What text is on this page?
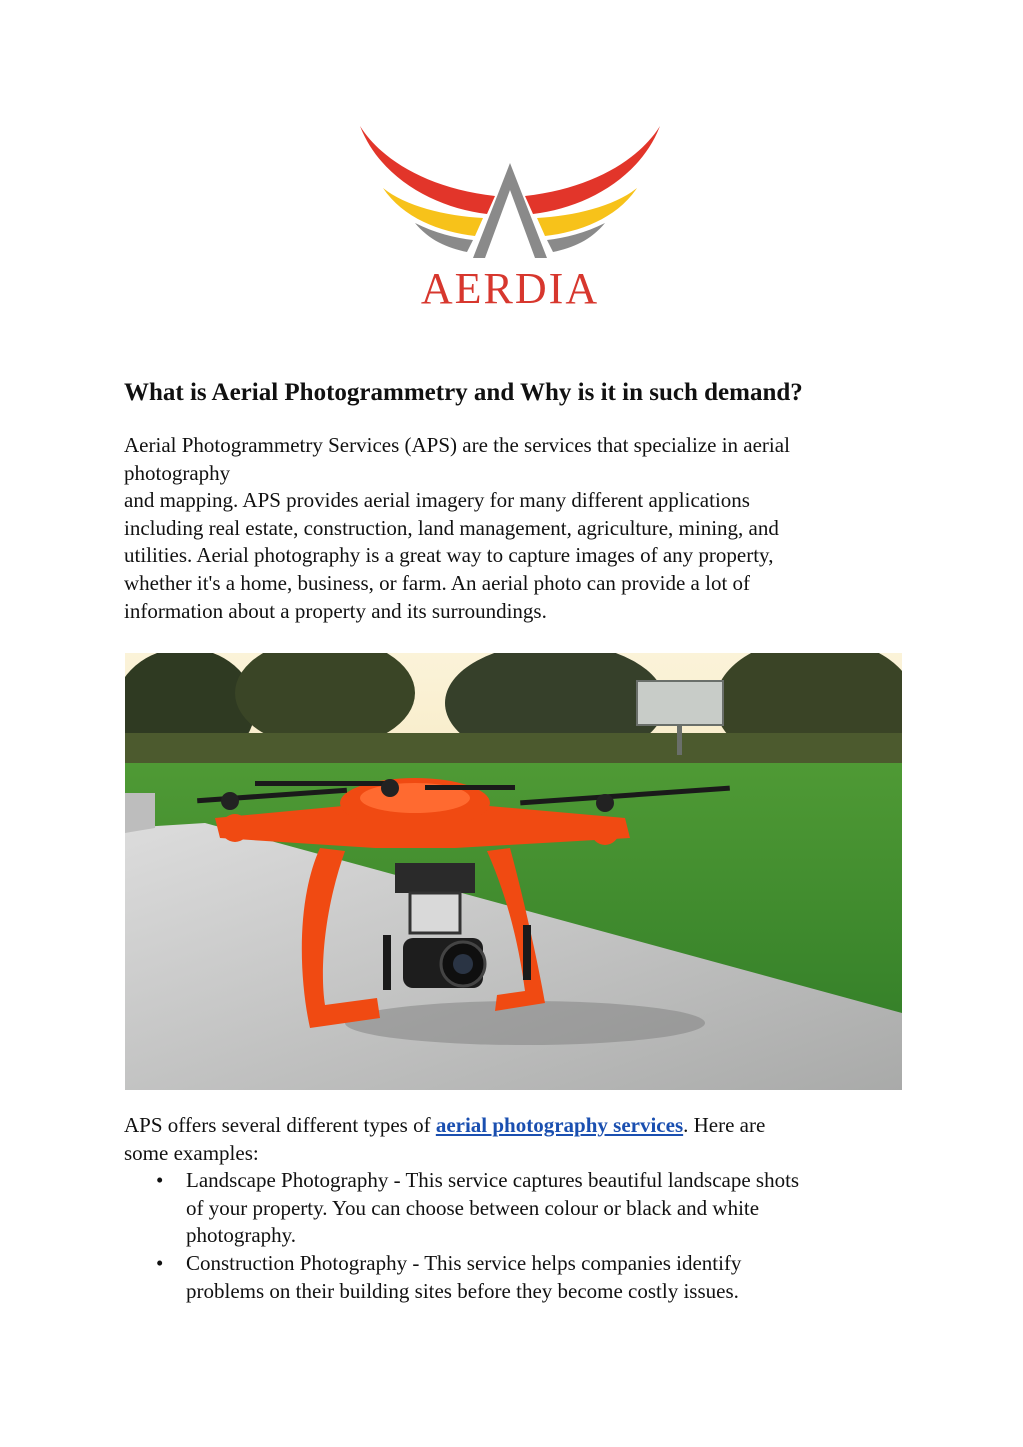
AERDIA
What is Aerial Photogrammetry and Why is it in such demand?
Aerial Photogrammetry Services (APS) are the services that specialize in aerial
photography
and mapping. APS provides aerial imagery for many different applications
including real estate, construction, land management, agriculture, mining, and
utilities. Aerial photography is a great way to capture images of any property,
whether it's a home, business, or farm. An aerial photo can provide a lot of
information about a property and its surroundings.

APS offers several different types of aerial photography services. Here are

some examples:

• Landscape Photography - This service captures beautiful landscape shots
of your property. You can choose between colour or black and white
photography.
• Construction Photography - This service helps companies identify
problems on their building sites before they become costly issues.
